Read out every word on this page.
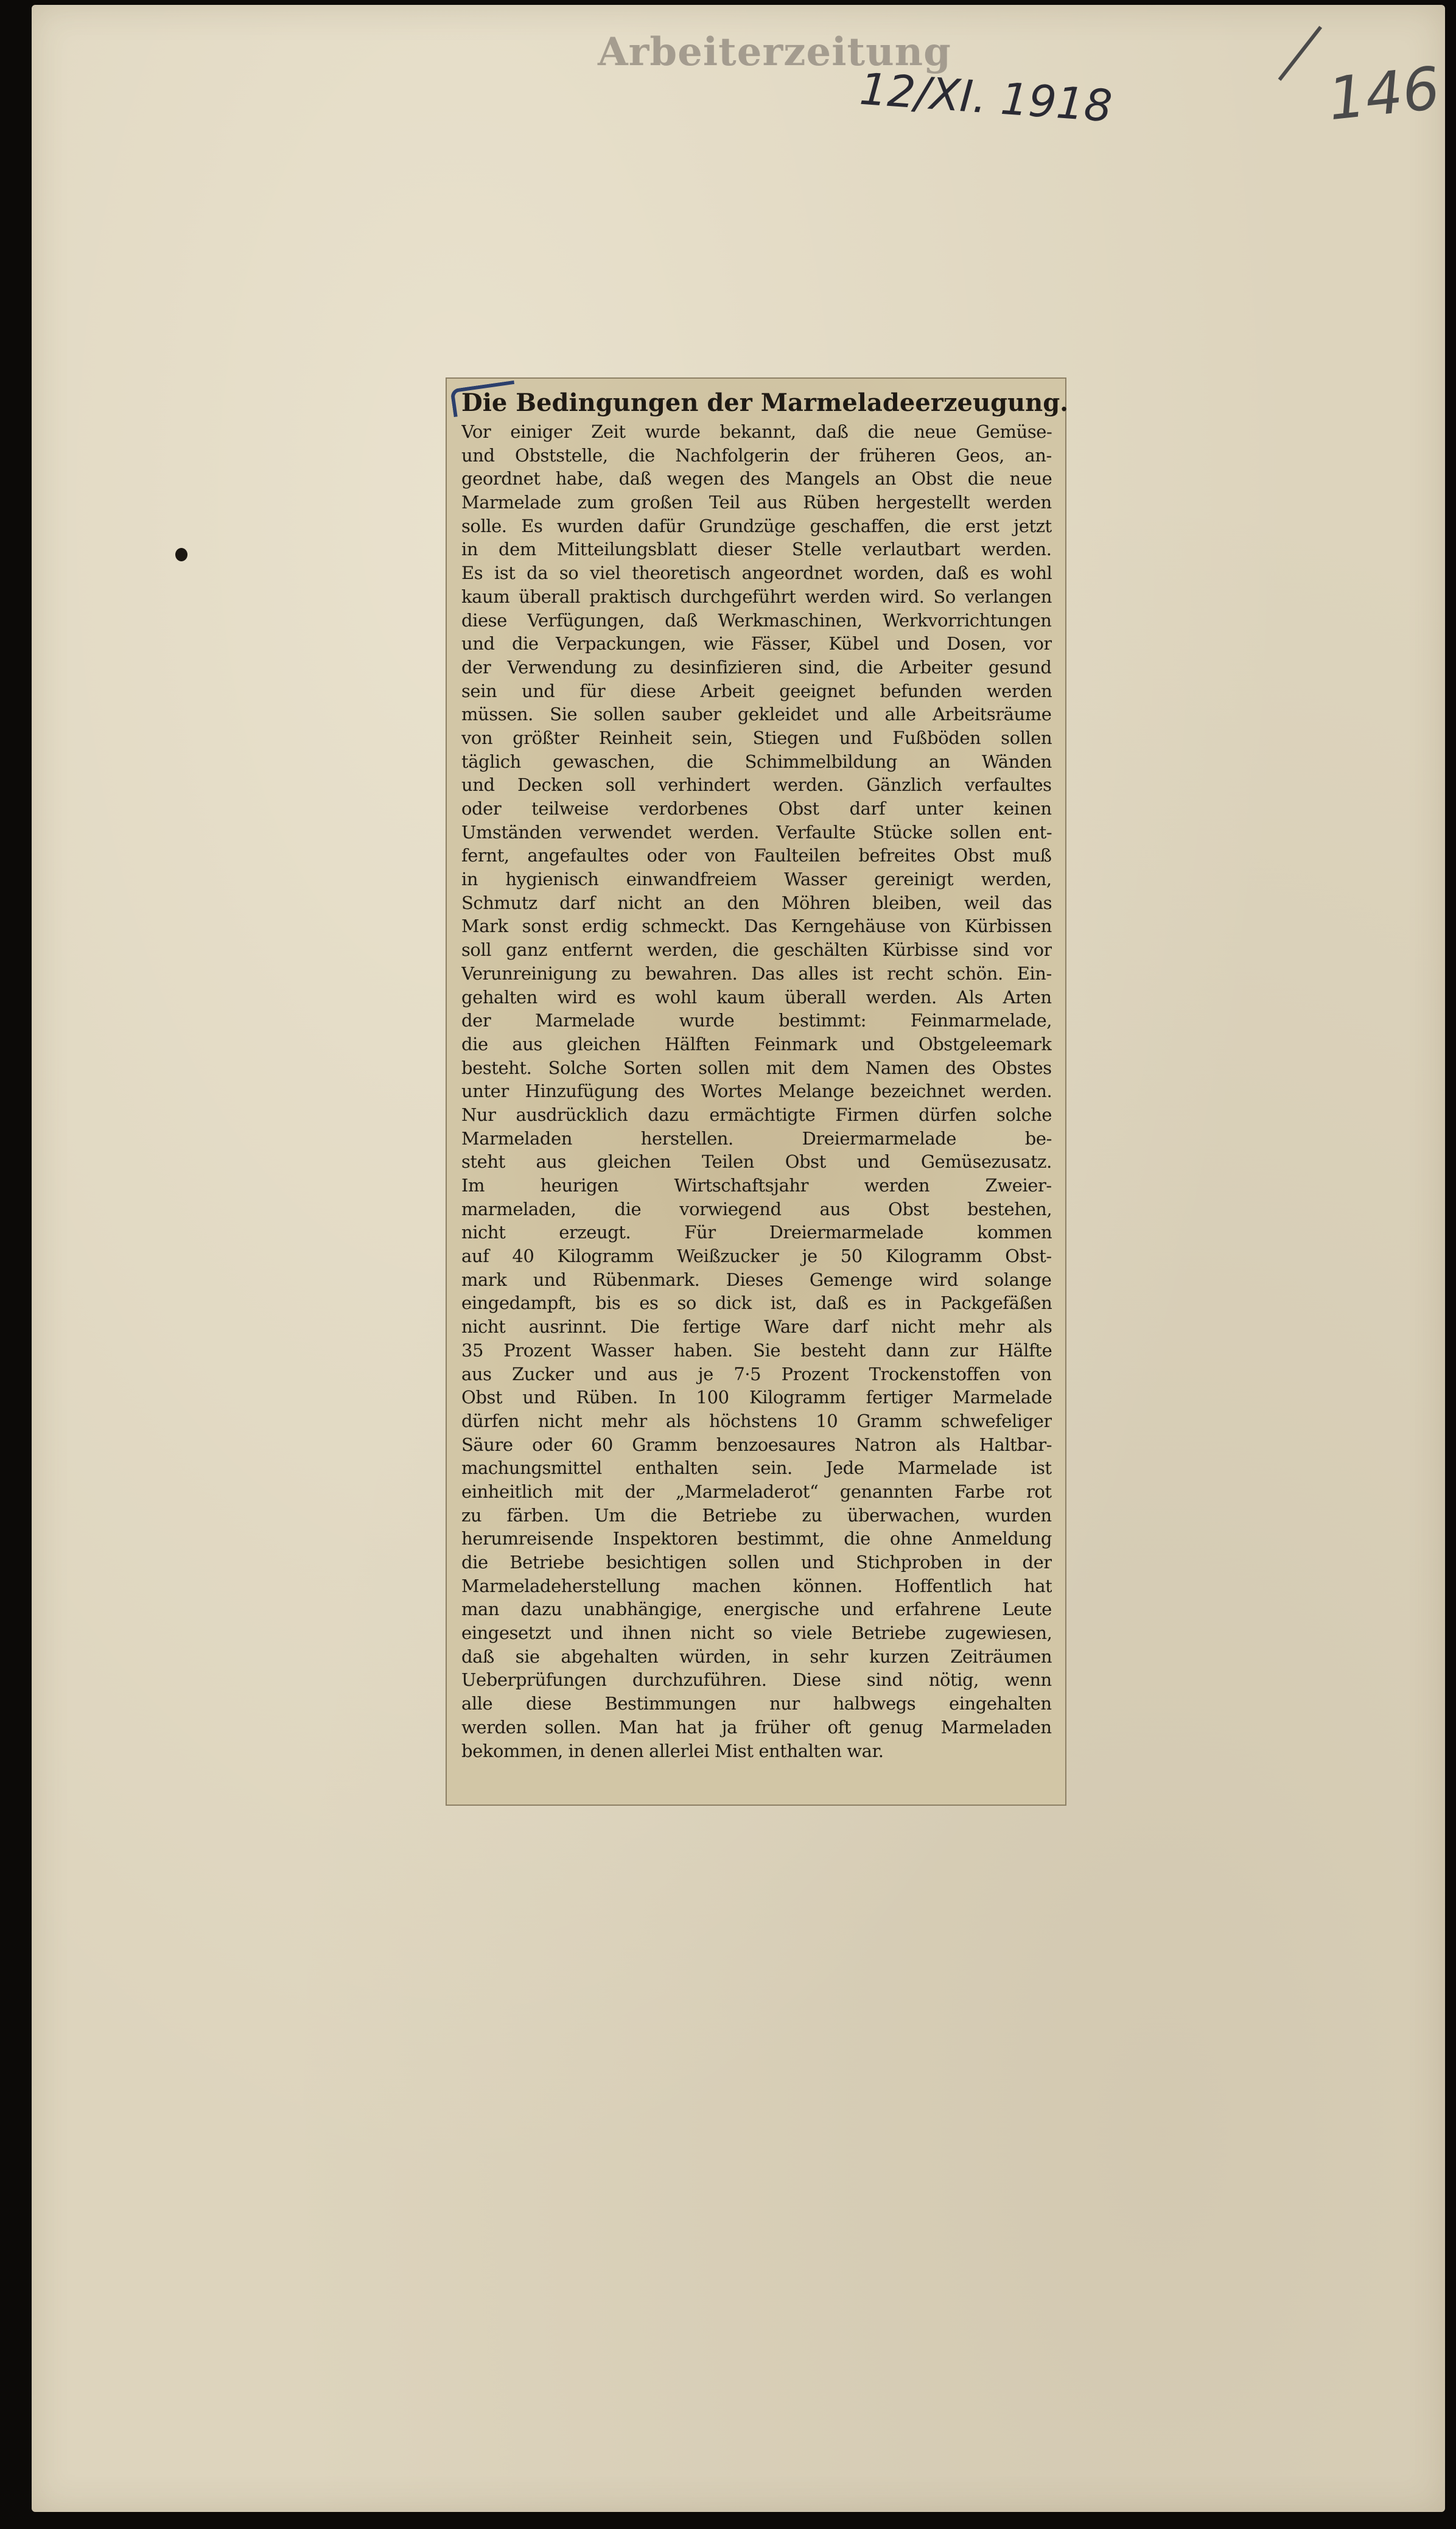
Arbeiterzeitung
12/XI. 1918	146
Die Bedingungen der Marmeladeerzeugung.
Vor einiger Zeit wurde bekannt, daß die neue Gemüse-
und Obststelle, die Nachfolgerin der früheren Geos, an-
geordnet habe, daß wegen des Mangels an Obst die neue
Marmelade zum großen Teil aus Rüben hergestellt werden
solle. Es wurden dafür Grundzüge geschaffen, die erst jetzt
in dem Mitteilungsblatt dieser Stelle verlautbart werden.
Es ist da so viel theoretisch angeordnet worden, daß es wohl
kaum überall praktisch durchgeführt werden wird. So verlangen
diese Verfügungen, daß Werkmaschinen, Werkvorrichtungen
und die Verpackungen, wie Fässer, Kübel und Dosen, vor
der Verwendung zu desinfizieren sind, die Arbeiter gesund
sein und für diese Arbeit geeignet befunden werden
müssen. Sie sollen sauber gekleidet und alle Arbeitsräume
von größter Reinheit sein, Stiegen und Fußböden sollen
täglich gewaschen, die Schimmelbildung an Wänden
und Decken soll verhindert werden. Gänzlich verfaultes
oder teilweise verdorbenes Obst darf unter keinen
Umständen verwendet werden. Verfaulte Stücke sollen ent-
fernt, angefaultes oder von Faulteilen befreites Obst muß
in hygienisch einwandfreiem Wasser gereinigt werden,
Schmutz darf nicht an den Möhren bleiben, weil das
Mark sonst erdig schmeckt. Das Kerngehäuse von Kürbissen
soll ganz entfernt werden, die geschälten Kürbisse sind vor
Verunreinigung zu bewahren. Das alles ist recht schön. Ein-
gehalten wird es wohl kaum überall werden. Als Arten
der Marmelade wurde bestimmt: Feinmarmelade,
die aus gleichen Hälften Feinmark und Obstgeleemark
besteht. Solche Sorten sollen mit dem Namen des Obstes
unter Hinzufügung des Wortes Melange bezeichnet werden.
Nur ausdrücklich dazu ermächtigte Firmen dürfen solche
Marmeladen herstellen. Dreiermarmelade be-
steht aus gleichen Teilen Obst und Gemüsezusatz.
Im heurigen Wirtschaftsjahr werden Zweier-
marmeladen, die vorwiegend aus Obst bestehen,
nicht erzeugt. Für Dreiermarmelade kommen
auf 40 Kilogramm Weißzucker je 50 Kilogramm Obst-
mark und Rübenmark. Dieses Gemenge wird solange
eingedampft, bis es so dick ist, daß es in Packgefäßen
nicht ausrinnt. Die fertige Ware darf nicht mehr als
35 Prozent Wasser haben. Sie besteht dann zur Hälfte
aus Zucker und aus je 7·5 Prozent Trockenstoffen von
Obst und Rüben. In 100 Kilogramm fertiger Marmelade
dürfen nicht mehr als höchstens 10 Gramm schwefeliger
Säure oder 60 Gramm benzoesaures Natron als Haltbar-
machungsmittel enthalten sein. Jede Marmelade ist
einheitlich mit der „Marmeladerot“ genannten Farbe rot
zu färben. Um die Betriebe zu überwachen, wurden
herumreisende Inspektoren bestimmt, die ohne Anmeldung
die Betriebe besichtigen sollen und Stichproben in der
Marmeladeherstellung machen können. Hoffentlich hat
man dazu unabhängige, energische und erfahrene Leute
eingesetzt und ihnen nicht so viele Betriebe zugewiesen,
daß sie abgehalten würden, in sehr kurzen Zeiträumen
Ueberprüfungen durchzuführen. Diese sind nötig, wenn
alle diese Bestimmungen nur halbwegs eingehalten
werden sollen. Man hat ja früher oft genug Marmeladen
bekommen, in denen allerlei Mist enthalten war.
